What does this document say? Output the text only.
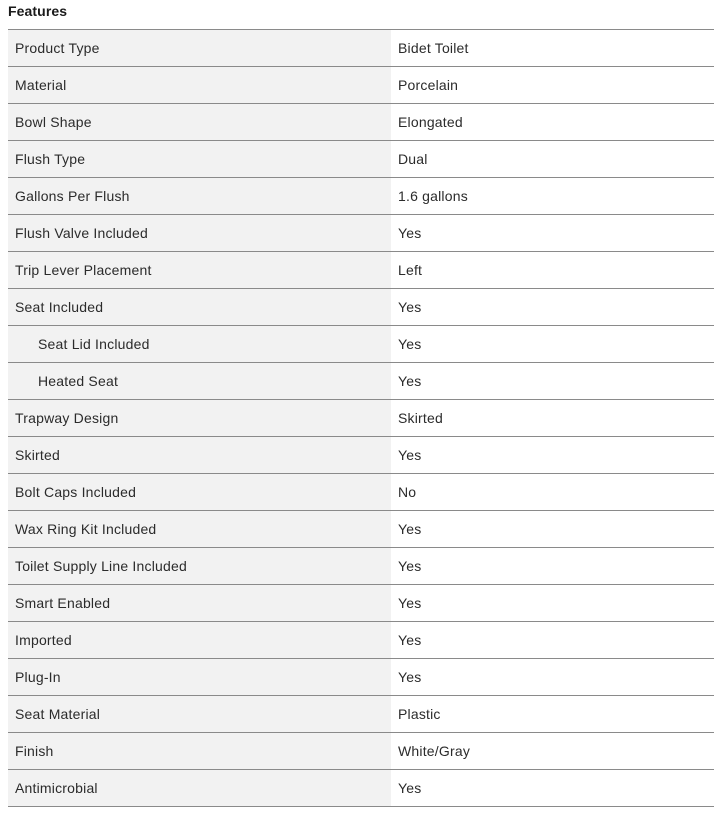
Features
Product Type	Bidet Toilet
Material	Porcelain
Bowl Shape	Elongated
Flush Type	Dual
Gallons Per Flush	1.6 gallons
Flush Valve Included	Yes
Trip Lever Placement	Left
Seat Included	Yes
Seat Lid Included	Yes
Heated Seat	Yes
Trapway Design	Skirted
Skirted	Yes
Bolt Caps Included	No
Wax Ring Kit Included	Yes
Toilet Supply Line Included	Yes
Smart Enabled	Yes
Imported	Yes
Plug-In	Yes
Seat Material	Plastic
Finish	White/Gray
Antimicrobial	Yes
